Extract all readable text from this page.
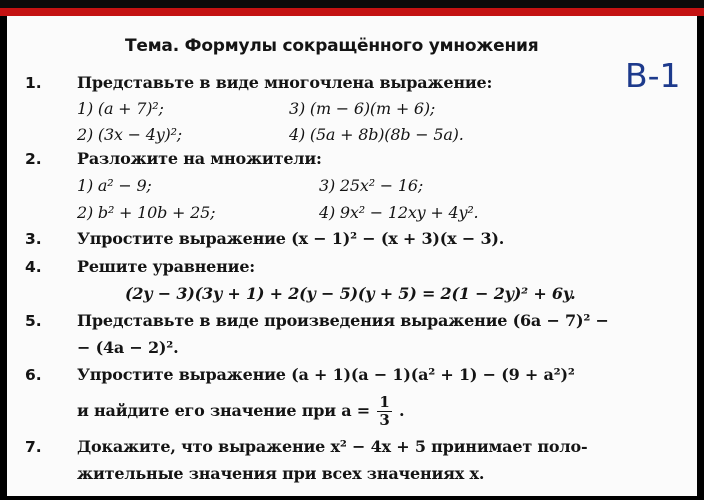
Тема. Формулы сокращённого умножения
В-1
1. Представьте в виде многочлена выражение:
1) (a + 7)²;	3) (m − 6)(m + 6);
2) (3x − 4y)²;	4) (5a + 8b)(8b − 5a).
2. Разложите на множители:
1) a² − 9;	3) 25x² − 16;
2) b² + 10b + 25;	4) 9x² − 12xy + 4y².
3. Упростите выражение (x − 1)² − (x + 3)(x − 3).
4. Решите уравнение:
(2y − 3)(3y + 1) + 2(y − 5)(y + 5) = 2(1 − 2y)² + 6y.
5. Представьте в виде произведения выражение (6a − 7)² −
− (4a − 2)².
6. Упростите выражение (a + 1)(a − 1)(a² + 1) − (9 + a²)²
и найдите его значение при $a = \frac{1}{3}$ .
7. Докажите, что выражение x² − 4x + 5 принимает поло-
жительные значения при всех значениях x.
